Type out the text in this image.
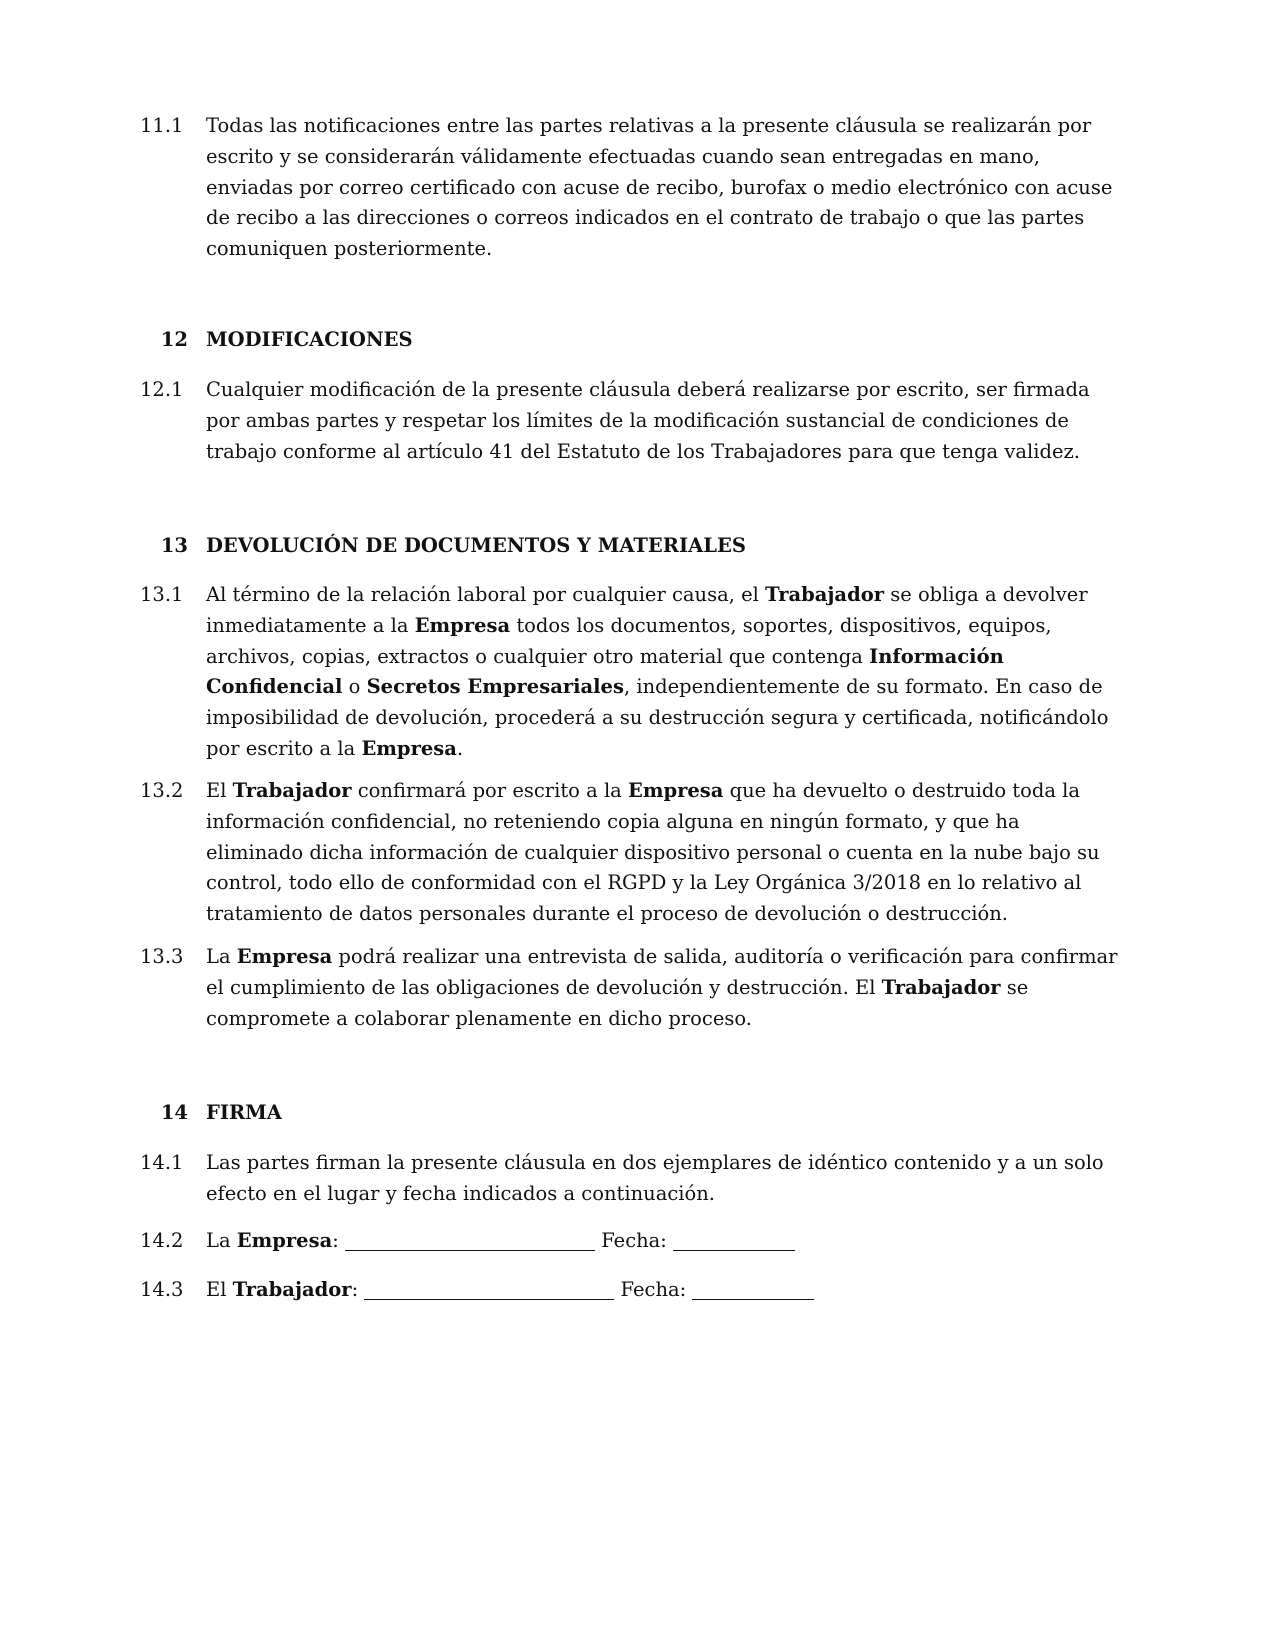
11.1	Todas las notificaciones entre las partes relativas a la presente cláusula se realizarán por escrito y se considerarán válidamente efectuadas cuando sean entregadas en mano, enviadas por correo certificado con acuse de recibo, burofax o medio electrónico con acuse de recibo a las direcciones o correos indicados en el contrato de trabajo o que las partes comuniquen posteriormente.
12 MODIFICACIONES
12.1	Cualquier modificación de la presente cláusula deberá realizarse por escrito, ser firmada por ambas partes y respetar los límites de la modificación sustancial de condiciones de trabajo conforme al artículo 41 del Estatuto de los Trabajadores para que tenga validez.
13 DEVOLUCIÓN DE DOCUMENTOS Y MATERIALES
13.1	Al término de la relación laboral por cualquier causa, el Trabajador se obliga a devolver inmediatamente a la Empresa todos los documentos, soportes, dispositivos, equipos, archivos, copias, extractos o cualquier otro material que contenga Información Confidencial o Secretos Empresariales, independientemente de su formato. En caso de imposibilidad de devolución, procederá a su destrucción segura y certificada, notificándolo por escrito a la Empresa.
13.2	El Trabajador confirmará por escrito a la Empresa que ha devuelto o destruido toda la información confidencial, no reteniendo copia alguna en ningún formato, y que ha eliminado dicha información de cualquier dispositivo personal o cuenta en la nube bajo su control, todo ello de conformidad con el RGPD y la Ley Orgánica 3/2018 en lo relativo al tratamiento de datos personales durante el proceso de devolución o destrucción.
13.3	La Empresa podrá realizar una entrevista de salida, auditoría o verificación para confirmar el cumplimiento de las obligaciones de devolución y destrucción. El Trabajador se compromete a colaborar plenamente en dicho proceso.
14 FIRMA
14.1	Las partes firman la presente cláusula en dos ejemplares de idéntico contenido y a un solo efecto en el lugar y fecha indicados a continuación.
14.2	La Empresa:	Fecha:
14.3	El Trabajador:	Fecha:
